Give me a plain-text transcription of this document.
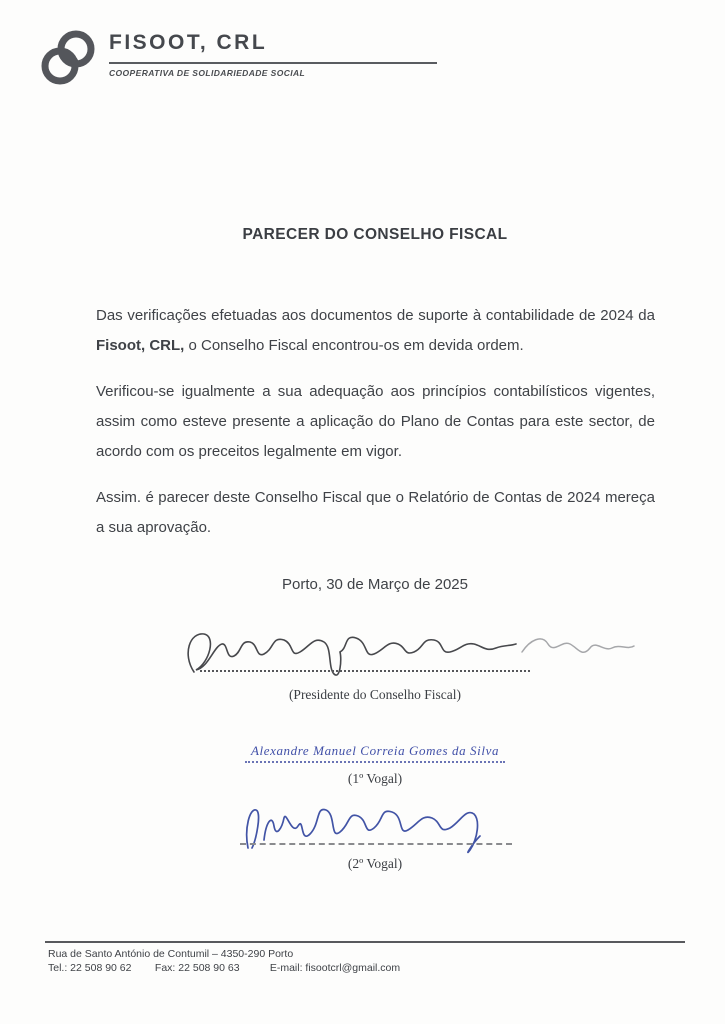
FISOOT, CRL
COOPERATIVA DE SOLIDARIEDADE SOCIAL
PARECER DO CONSELHO FISCAL

Das verificações efetuadas aos documentos de suporte à contabilidade de 2024 da Fisoot, CRL, o Conselho Fiscal encontrou-os em devida ordem.

Verificou-se igualmente a sua adequação aos princípios contabilísticos vigentes, assim como esteve presente a aplicação do Plano de Contas para este sector, de acordo com os preceitos legalmente em vigor.

Assim. é parecer deste Conselho Fiscal que o Relatório de Contas de 2024 mereça a sua aprovação.

Porto, 30 de Março de 2025
(Presidente do Conselho Fiscal)
Alexandre Manuel Correia Gomes da Silva
(1º Vogal)
(2º Vogal)
Rua de Santo António de Contumil – 4350-290 Porto
Tel.: 22 508 90 62 Fax: 22 508 90 63	E-mail: fisootcrl@gmail.com
